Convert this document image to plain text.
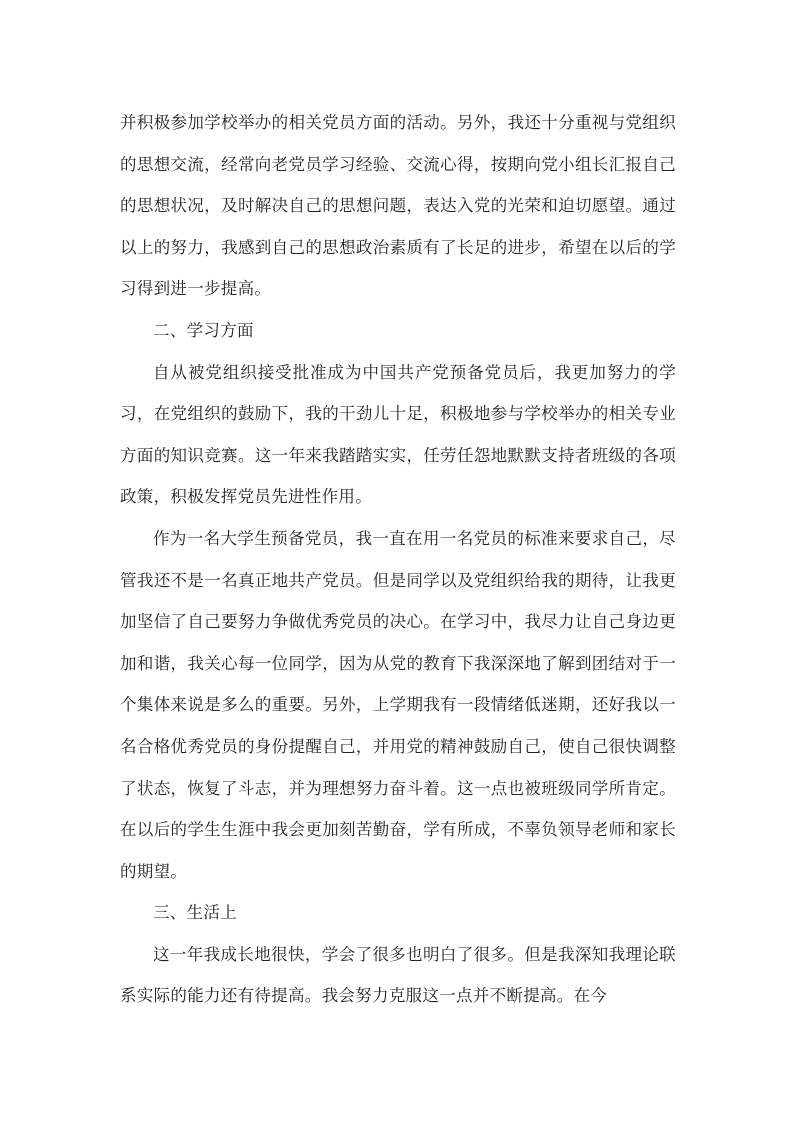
并积极参加学校举办的相关党员方面的活动。另外，我还十分重视与党组织的思想交流，经常向老党员学习经验、交流心得，按期向党小组长汇报自己的思想状况，及时解决自己的思想问题，表达入党的光荣和迫切愿望。通过以上的努力，我感到自己的思想政治素质有了长足的进步，希望在以后的学习得到进一步提高。

二、学习方面

自从被党组织接受批准成为中国共产党预备党员后，我更加努力的学习，在党组织的鼓励下，我的干劲儿十足，积极地参与学校举办的相关专业方面的知识竞赛。这一年来我踏踏实实，任劳任怨地默默支持者班级的各项政策，积极发挥党员先进性作用。

作为一名大学生预备党员，我一直在用一名党员的标准来要求自己，尽管我还不是一名真正地共产党员。但是同学以及党组织给我的期待，让我更加坚信了自己要努力争做优秀党员的决心。在学习中，我尽力让自己身边更加和谐，我关心每一位同学，因为从党的教育下我深深地了解到团结对于一个集体来说是多么的重要。另外，上学期我有一段情绪低迷期，还好我以一名合格优秀党员的身份提醒自己，并用党的精神鼓励自己，使自己很快调整了状态，恢复了斗志，并为理想努力奋斗着。这一点也被班级同学所肯定。在以后的学生生涯中我会更加刻苦勤奋，学有所成，不辜负领导老师和家长的期望。

三、生活上

这一年我成长地很快，学会了很多也明白了很多。但是我深知我理论联系实际的能力还有待提高。我会努力克服这一点并不断提高。在今
